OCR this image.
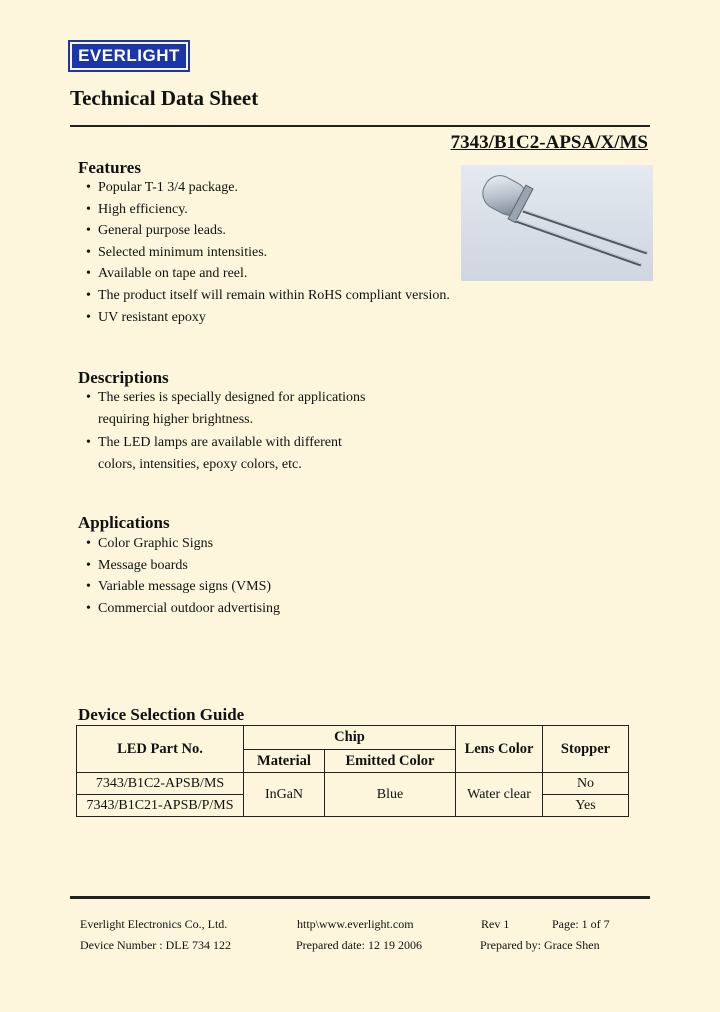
EVERLIGHT
Technical Data Sheet
7343/B1C2-APSA/X/MS
Features
• Popular T-1 3/4 package.
• High efficiency.
• General purpose leads.
• Selected minimum intensities.
• Available on tape and reel.
• The product itself will remain within RoHS compliant version.
• UV resistant epoxy
Descriptions
• The series is specially designed for applications
requiring higher brightness.
• The LED lamps are available with different
colors, intensities, epoxy colors, etc.
Applications
• Color Graphic Signs
• Message boards
• Variable message signs (VMS)
• Commercial outdoor advertising
Device Selection Guide
LED Part No.	Chip		Lens Color	Stopper
	Material	Emitted Color		
7343/B1C2-APSB/MS	InGaN	Blue	Water clear	No
7343/B1C21-APSB/P/MS				Yes
Everlight Electronics Co., Ltd.	http\www.everlight.com	Rev 1	Page: 1 of 7
Device Number : DLE 734 122	Prepared date: 12 19 2006	Prepared by: Grace Shen
